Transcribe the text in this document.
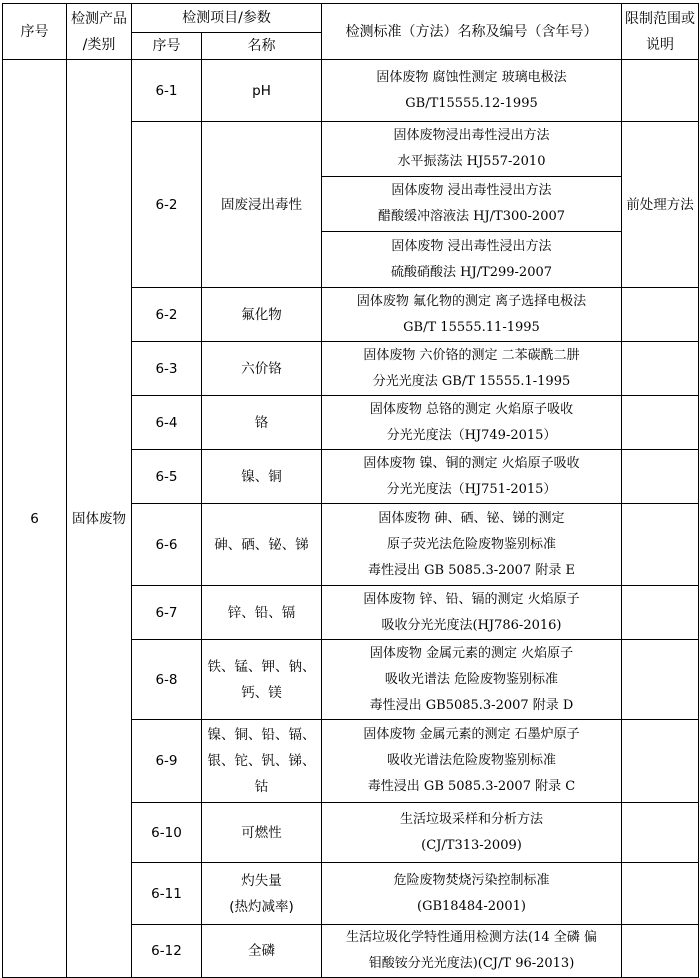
序号	检测产品
/类别	检测项目/参数		检测标准（方法）名称及编号（含年号）	限制范围或
说明

		序号	名称		
6	固体废物	6-1	pH	固体废物 腐蚀性测定 玻璃电极法
GB/T15555.12-1995	

		6-2	固废浸出毒性	固体废物浸出毒性浸出方法
水平振荡法 HJ557-2010	前处理方法

				固体废物 浸出毒性浸出方法
醋酸缓冲溶液法 HJ/T300-2007	

				固体废物 浸出毒性浸出方法
硫酸硝酸法 HJ/T299-2007	

		6-2	氟化物	固体废物 氟化物的测定 离子选择电极法
GB/T 15555.11-1995	

		6-3	六价铬	固体废物 六价铬的测定 二苯碳酰二肼
分光光度法 GB/T 15555.1-1995	

		6-4	铬	固体废物 总铬的测定 火焰原子吸收
分光光度法（HJ749-2015）	

		6-5	镍、铜	固体废物 镍、铜的测定 火焰原子吸收
分光光度法（HJ751-2015）	

		6-6	砷、硒、铋、锑	固体废物 砷、硒、铋、锑的测定
原子荧光法危险废物鉴别标准
毒性浸出 GB 5085.3-2007 附录 E	

		6-7	锌、铅、镉	固体废物 锌、铅、镉的测定 火焰原子
吸收分光光度法(HJ786-2016)	

		6-8	铁、锰、钾、钠、
钙、镁	固体废物 金属元素的测定 火焰原子
吸收光谱法 危险废物鉴别标准
毒性浸出 GB5085.3-2007 附录 D	

		6-9	镍、铜、铅、镉、
银、铊、钒、锑、
钴	固体废物 金属元素的测定 石墨炉原子
吸收光谱法危险废物鉴别标准
毒性浸出 GB 5085.3-2007 附录 C	

		6-10	可燃性	生活垃圾采样和分析方法
(CJ/T313-2009)	

		6-11	灼失量
(热灼减率)	危险废物焚烧污染控制标准
(GB18484-2001)	

		6-12	全磷	生活垃圾化学特性通用检测方法(14 全磷 偏
钼酸铵分光光度法)(CJ/T 96-2013)	
